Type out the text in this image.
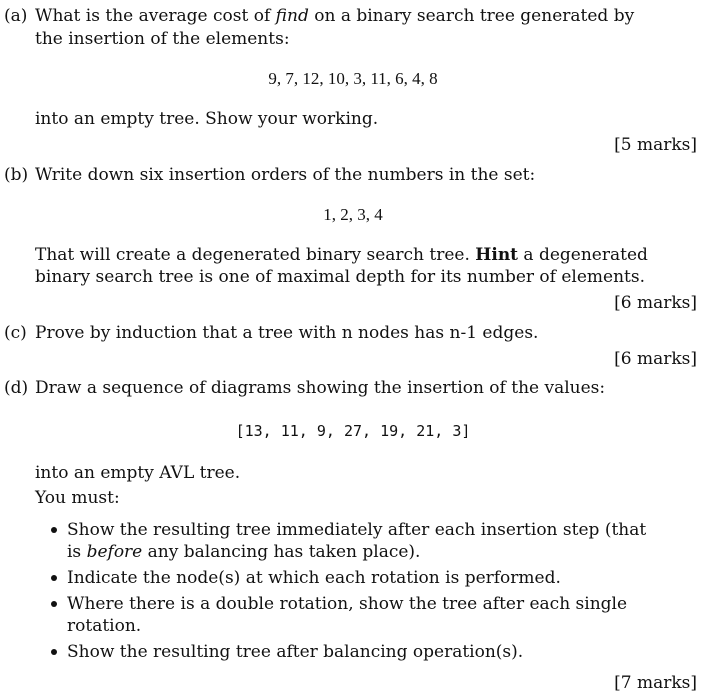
(a) What is the average cost of find on a binary search tree generated by
the insertion of the elements:
9, 7, 12, 10, 3, 11, 6, 4, 8
into an empty tree. Show your working.
[5 marks]
(b) Write down six insertion orders of the numbers in the set:
1, 2, 3, 4
That will create a degenerated binary search tree. Hint a degenerated
binary search tree is one of maximal depth for its number of elements.
[6 marks]
(c) Prove by induction that a tree with n nodes has n-1 edges.
[6 marks]
(d) Draw a sequence of diagrams showing the insertion of the values:
[13, 11, 9, 27, 19, 21, 3]
into an empty AVL tree.
You must:
Show the resulting tree immediately after each insertion step (that
is before any balancing has taken place).
Indicate the node(s) at which each rotation is performed.
Where there is a double rotation, show the tree after each single
rotation.
Show the resulting tree after balancing operation(s).
[7 marks]
